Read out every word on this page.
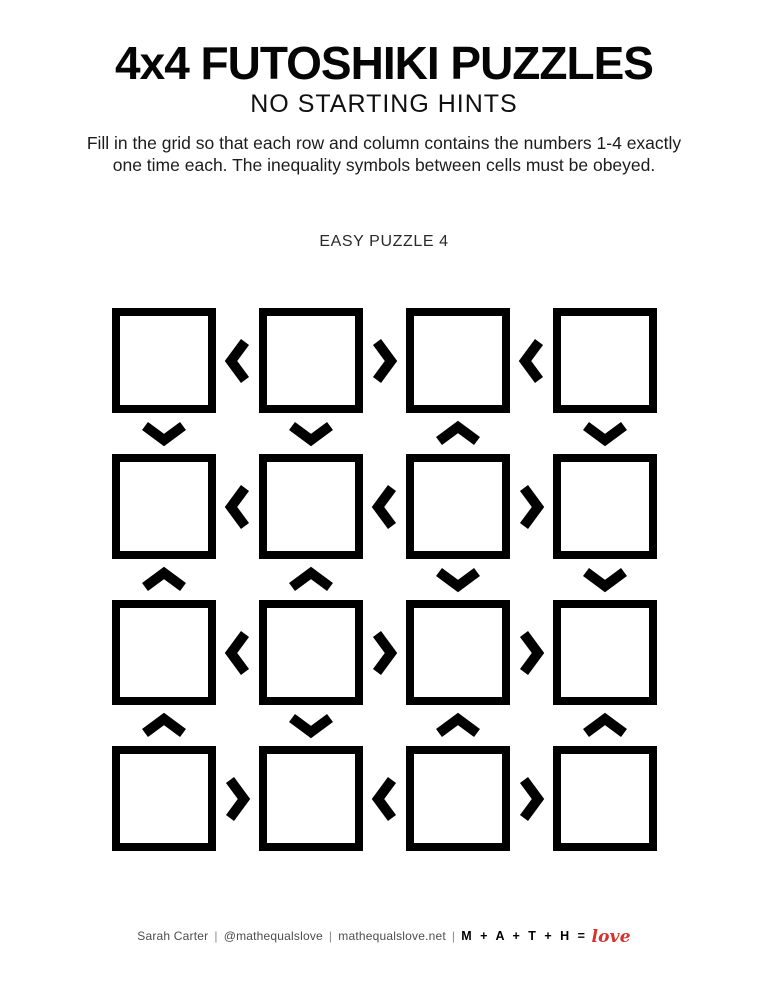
4x4 FUTOSHIKI PUZZLES
NO STARTING HINTS
Fill in the grid so that each row and column contains the numbers 1-4 exactly
one time each. The inequality symbols between cells must be obeyed.
EASY PUZZLE 4
Sarah Carter | @mathequalslove | mathequalslove.net | M + A + T + H = love
